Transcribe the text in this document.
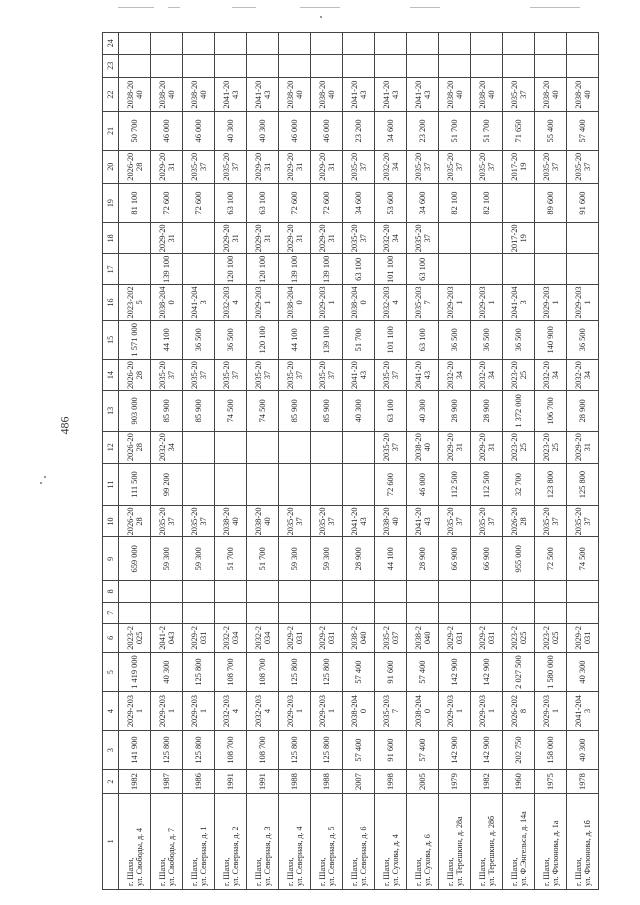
486
1	2	3	4	5	6	7	8	9	10	11	12	13	14	15	16	17	18	19	20	21	22	23	24

г. Шахи, ул. Свободы, д. 4	1982	141 900	2029-2031	1 419 000	2023-2025			659 000	2026-2028	111 500	2026-2028	903 000	2026-2028	1 571 000	2023-2025			81 100	2026-2028	50 700	2038-2040		

г. Шахи, ул. Свободы, д. 7	1987	125 800	2029-2031	40 300	2041-2043			59 300	2035-2037	99 200	2032-2034	85 900	2035-2037	44 100	2038-2040	139 100	2029-2031	72 600	2029-2031	46 000	2038-2040		

г. Шахи, ул. Северная, д. 1	1986	125 800	2029-2031	125 800	2029-2031			59 300	2035-2037			85 900	2035-2037	36 500	2041-2043			72 600	2035-2037	46 000	2038-2040		

г. Шахи, ул. Северная, д. 2	1991	108 700	2032-2034	108 700	2032-2034			51 700	2038-2040			74 500	2035-2037	36 500	2032-2034	120 100	2029-2031	63 100	2035-2037	40 300	2041-2043		

г. Шахи, ул. Северная, д. 3	1991	108 700	2032-2034	108 700	2032-2034			51 700	2038-2040			74 500	2035-2037	120 100	2029-2031	120 100	2029-2031	63 100	2029-2031	40 300	2041-2043		

г. Шахи, ул. Северная, д. 4	1988	125 800	2029-2031	125 800	2029-2031			59 300	2035-2037			85 900	2035-2037	44 100	2038-2040	139 100	2029-2031	72 600	2029-2031	46 000	2038-2040		

г. Шахи, ул. Северная, д. 5	1988	125 800	2029-2031	125 800	2029-2031			59 300	2035-2037			85 900	2035-2037	139 100	2029-2031	139 100	2029-2031	72 600	2029-2031	46 000	2038-2040		

г. Шахи, ул. Северная, д. 6	2007	57 400	2038-2040	57 400	2038-2040			28 900	2041-2043			40 300	2041-2043	51 700	2038-2040	63 100	2035-2037	34 600	2035-2037	23 200	2041-2043		

г. Шахи, ул. Сухова, д. 4	1998	91 600	2035-2037	91 600	2035-2037			44 100	2038-2040	72 600	2035-2037	63 100	2035-2037	101 100	2032-2034	101 100	2032-2034	53 600	2032-2034	34 600	2041-2043		

г. Шахи, ул. Сухова, д. 6	2005	57 400	2038-2040	57 400	2038-2040			28 900	2041-2043	46 000	2038-2040	40 300	2041-2043	63 100	2035-2037	63 100	2035-2037	34 600	2035-2037	23 200	2041-2043		

г. Шахи, ул. Терешкин, д. 28а	1979	142 900	2029-2031	142 900	2029-2031			66 900	2035-2037	112 500	2029-2031	28 900	2032-2034	36 500	2029-2031			82 100	2035-2037	51 700	2038-2040		

г. Шахи, ул. Терешкин, д. 28б	1982	142 900	2029-2031	142 900	2029-2031			66 900	2035-2037	112 500	2029-2031	28 900	2032-2034	36 500	2029-2031			82 100	2035-2037	51 700	2038-2040		

г. Шахи, ул. Ф.Энгельса, д. 14а	1960	202 750	2026-2028	2 027 500	2023-2025			955 000	2026-2028	32 700	2023-2025	1 372 000	2023-2025	36 500	2041-2043		2017-2019		2017-2019	71 650	2035-2037		

г. Шахи, ул. Филонова, д. 1а	1975	158 000	2029-2031	1 580 000	2023-2025			72 500	2035-2037	123 800	2023-2025	106 700	2032-2034	140 900	2029-2031			89 600	2035-2037	55 400	2038-2040		

г. Шахи, ул. Филонова, д. 1б	1978	40 300	2041-2043	40 300	2029-2031			74 500	2035-2037	125 800	2029-2031	28 900	2032-2034	36 500	2029-2031			91 600	2035-2037	57 400	2038-2040		
